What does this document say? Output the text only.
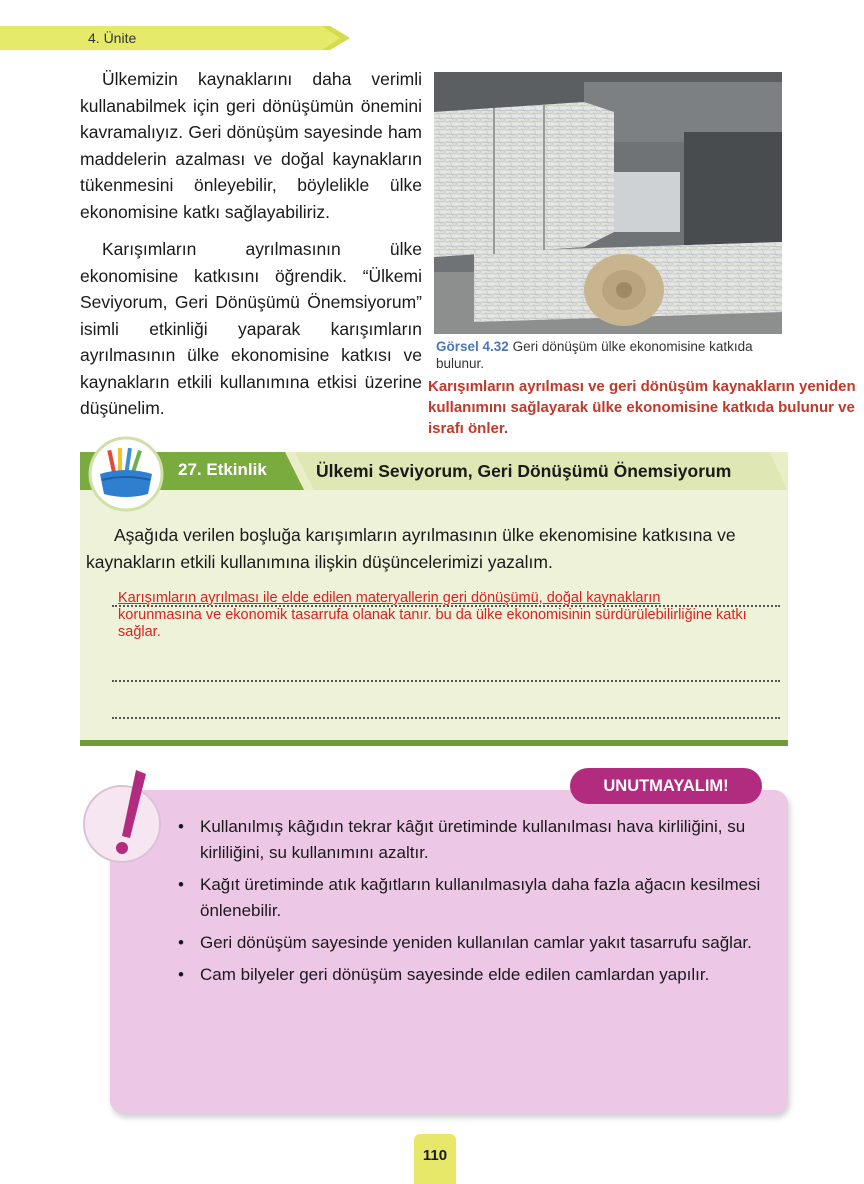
4. Ünite

Ülkemizin kaynaklarını daha verimli kullanabilmek için geri dönüşümün önemini kavramalıyız. Geri dönüşüm sayesinde ham maddelerin azalması ve doğal kaynakların tükenmesini önleyebilir, böylelikle ülke ekonomisine katkı sağlayabiliriz.

Karışımların ayrılmasının ülke ekonomisine katkısını öğrendik. “Ülkemi Seviyorum, Geri Dönüşümü Önemsiyorum” isimli etkinliği yaparak karışımların ayrılmasının ülke ekonomisine katkısı ve kaynakların etkili kullanımına etkisi üzerine düşünelim.

Görsel 4.32 Geri dönüşüm ülke ekonomisine katkıda bulunur.
Karışımların ayrılması ve geri dönüşüm kaynakların yeniden kullanımını sağlayarak ülke ekonomisine katkıda bulunur ve israfı önler.
27. Etkinlik	Ülkemi Seviyorum, Geri Dönüşümü Önemsiyorum
Aşağıda verilen boşluğa karışımların ayrılmasının ülke ekenomisine katkısına ve kaynakların etkili kullanımına ilişkin düşüncelerimizi yazalım.
Karışımların ayrılması ile elde edilen materyallerin geri dönüşümü, doğal kaynakların
korunmasına ve ekonomik tasarrufa olanak tanır. bu da ülke ekonomisinin sürdürülebilirliğine katkı sağlar.
UNUTMAYALIM!
• Kullanılmış kâğıdın tekrar kâğıt üretiminde kullanılması hava kirliliğini, su kirliliğini, su kullanımını azaltır.
• Kağıt üretiminde atık kağıtların kullanılmasıyla daha fazla ağacın kesilmesi önlenebilir.
• Geri dönüşüm sayesinde yeniden kullanılan camlar yakıt tasarrufu sağlar.
• Cam bilyeler geri dönüşüm sayesinde elde edilen camlardan yapılır.
110
